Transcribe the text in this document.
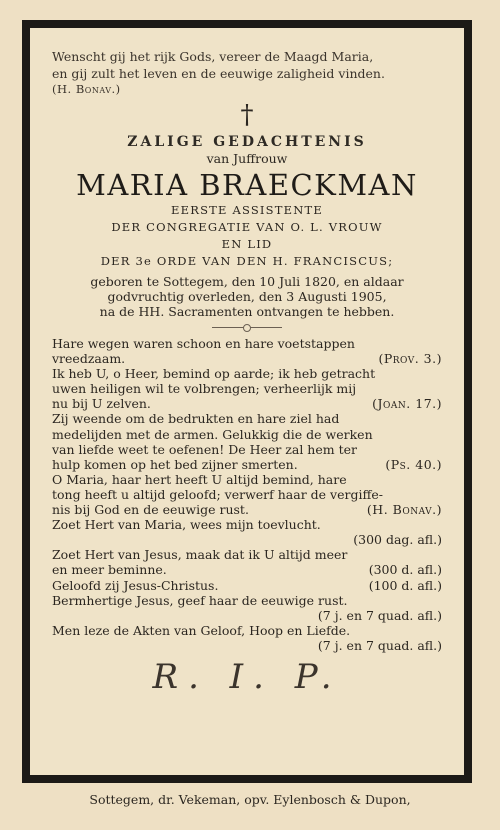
Wenscht gij het rijk Gods, vereer de Maagd Maria,
en gij zult het leven en de eeuwige zaligheid vinden.
(H. Bonav.)
†
ZALIGE GEDACHTENIS
van Juffrouw
MARIA BRAECKMAN
EERSTE ASSISTENTE
DER CONGREGATIE VAN O. L. VROUW
EN LID
DER 3e ORDE VAN DEN H. FRANCISCUS;
geboren te Sottegem, den 10 Juli 1820, en aldaar
godvruchtig overleden, den 3 Augusti 1905,
na de HH. Sacramenten ontvangen te hebben.
Hare wegen waren schoon en hare voetstappen
vreedzaam.	(Prov. 3.)
Ik heb U, o Heer, bemind op aarde; ik heb getracht
uwen heiligen wil te volbrengen; verheerlijk mij
nu bij U zelven.	(Joan. 17.)
Zij weende om de bedrukten en hare ziel had
medelijden met de armen. Gelukkig die de werken
van liefde weet te oefenen! De Heer zal hem ter
hulp komen op het bed zijner smerten.	(Ps. 40.)
O Maria, haar hert heeft U altijd bemind, hare
tong heeft u altijd geloofd; verwerf haar de vergiffe-
nis bij God en de eeuwige rust.	(H. Bonav.)
Zoet Hert van Maria, wees mijn toevlucht.
(300 dag. afl.)
Zoet Hert van Jesus, maak dat ik U altijd meer
en meer beminne.	(300 d. afl.)
Geloofd zij Jesus-Christus.	(100 d. afl.)
Bermhertige Jesus, geef haar de eeuwige rust.
(7 j. en 7 quad. afl.)
Men leze de Akten van Geloof, Hoop en Liefde.
(7 j. en 7 quad. afl.)
R. I. P.
Sottegem, dr. Vekeman, opv. Eylenbosch & Dupon,
